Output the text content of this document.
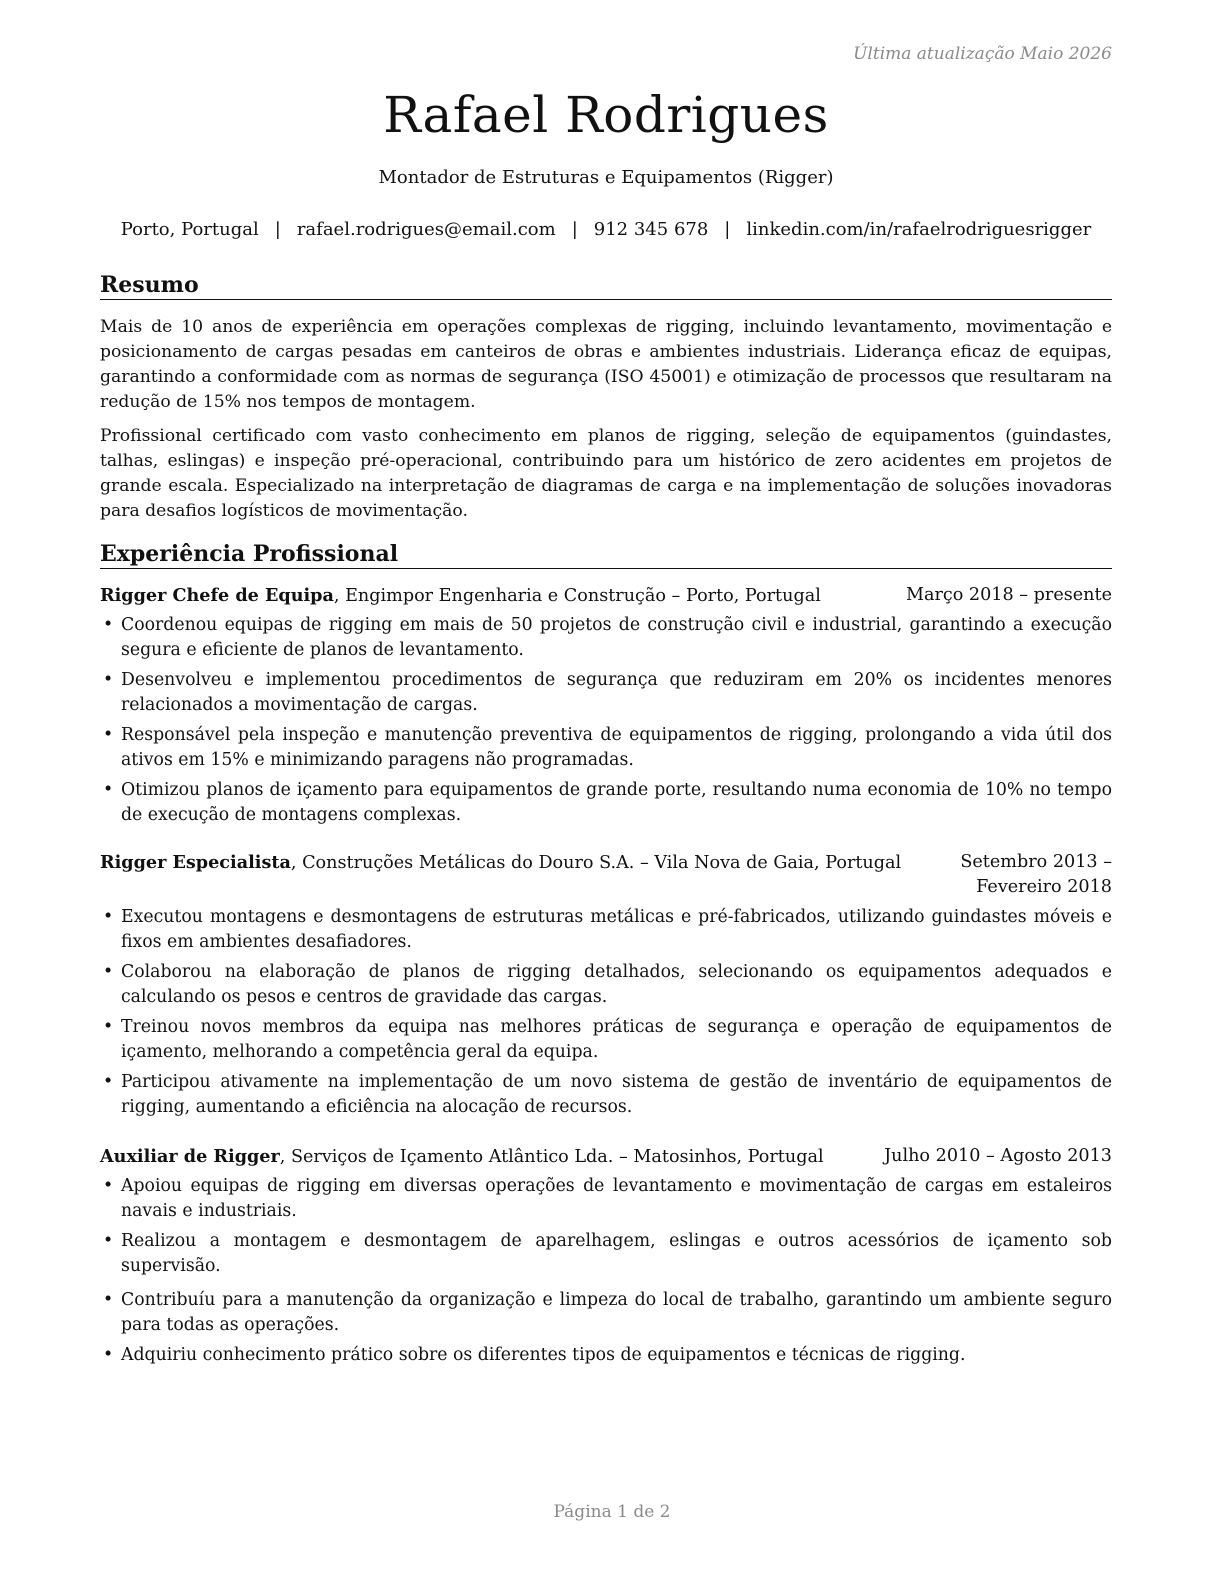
Última atualização Maio 2026
Rafael Rodrigues
Montador de Estruturas e Equipamentos (Rigger)
Porto, Portugal | rafael.rodrigues@email.com | 912 345 678 | linkedin.com/in/rafaelrodriguesrigger
Resumo

Mais de 10 anos de experiência em operações complexas de rigging, incluindo levantamento, movimentação e posicionamento de cargas pesadas em canteiros de obras e ambientes industriais. Liderança eficaz de equipas, garantindo a conformidade com as normas de segurança (ISO 45001) e otimização de processos que resultaram na redução de 15% nos tempos de montagem.

Profissional certificado com vasto conhecimento em planos de rigging, seleção de equipamentos (guindastes, talhas, eslingas) e inspeção pré-operacional, contribuindo para um histórico de zero acidentes em projetos de grande escala. Especializado na interpretação de diagramas de carga e na implementação de soluções inovadoras para desafios logísticos de movimentação.

Experiência Profissional
Rigger Chefe de Equipa, Engimpor Engenharia e Construção – Porto, Portugal	Março 2018 – presente
• Coordenou equipas de rigging em mais de 50 projetos de construção civil e industrial, garantindo a execução segura e eficiente de planos de levantamento.
• Desenvolveu e implementou procedimentos de segurança que reduziram em 20% os incidentes menores relacionados a movimentação de cargas.
• Responsável pela inspeção e manutenção preventiva de equipamentos de rigging, prolongando a vida útil dos ativos em 15% e minimizando paragens não programadas.
• Otimizou planos de içamento para equipamentos de grande porte, resultando numa economia de 10% no tempo de execução de montagens complexas.
Rigger Especialista, Construções Metálicas do Douro S.A. – Vila Nova de Gaia, Portugal	Setembro 2013 – Fevereiro 2018
• Executou montagens e desmontagens de estruturas metálicas e pré-fabricados, utilizando guindastes móveis e fixos em ambientes desafiadores.
• Colaborou na elaboração de planos de rigging detalhados, selecionando os equipamentos adequados e calculando os pesos e centros de gravidade das cargas.
• Treinou novos membros da equipa nas melhores práticas de segurança e operação de equipamentos de içamento, melhorando a competência geral da equipa.
• Participou ativamente na implementação de um novo sistema de gestão de inventário de equipamentos de rigging, aumentando a eficiência na alocação de recursos.
Auxiliar de Rigger, Serviços de Içamento Atlântico Lda. – Matosinhos, Portugal	Julho 2010 – Agosto 2013
• Apoiou equipas de rigging em diversas operações de levantamento e movimentação de cargas em estaleiros navais e industriais.
• Realizou a montagem e desmontagem de aparelhagem, eslingas e outros acessórios de içamento sob supervisão.
• Contribuíu para a manutenção da organização e limpeza do local de trabalho, garantindo um ambiente seguro para todas as operações.
• Adquiriu conhecimento prático sobre os diferentes tipos de equipamentos e técnicas de rigging.
Página 1 de 2
